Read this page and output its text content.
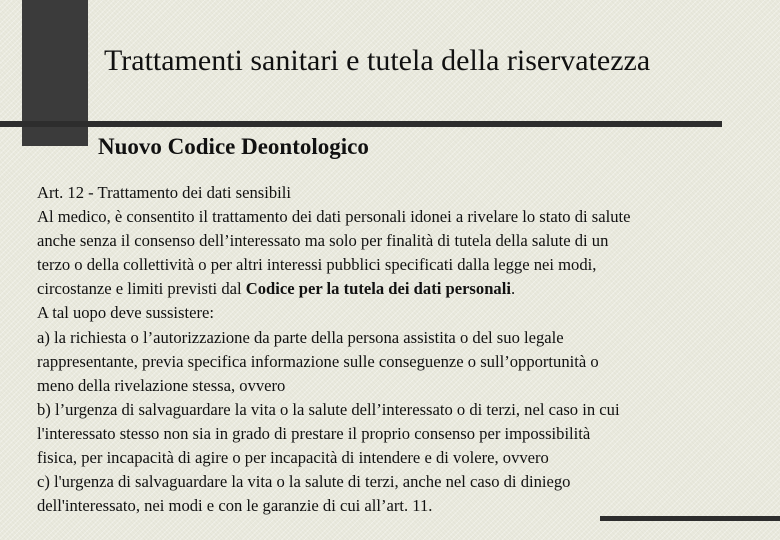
Trattamenti sanitari e tutela della riservatezza
Nuovo Codice Deontologico
Art. 12 - Trattamento dei dati sensibili
Al medico, è consentito il trattamento dei dati personali idonei a rivelare lo stato di salute
anche senza il consenso dell’interessato ma solo per finalità di tutela della salute di un
terzo o della collettività o per altri interessi pubblici specificati dalla legge nei modi,
circostanze e limiti previsti dal Codice per la tutela dei dati personali.
A tal uopo deve sussistere:
a) la richiesta o l’autorizzazione da parte della persona assistita o del suo legale
rappresentante, previa specifica informazione sulle conseguenze o sull’opportunità o
meno della rivelazione stessa, ovvero
b) l’urgenza di salvaguardare la vita o la salute dell’interessato o di terzi, nel caso in cui
l'interessato stesso non sia in grado di prestare il proprio consenso per impossibilità
fisica, per incapacità di agire o per incapacità di intendere e di volere, ovvero
c) l'urgenza di salvaguardare la vita o la salute di terzi, anche nel caso di diniego
dell'interessato, nei modi e con le garanzie di cui all’art. 11.
